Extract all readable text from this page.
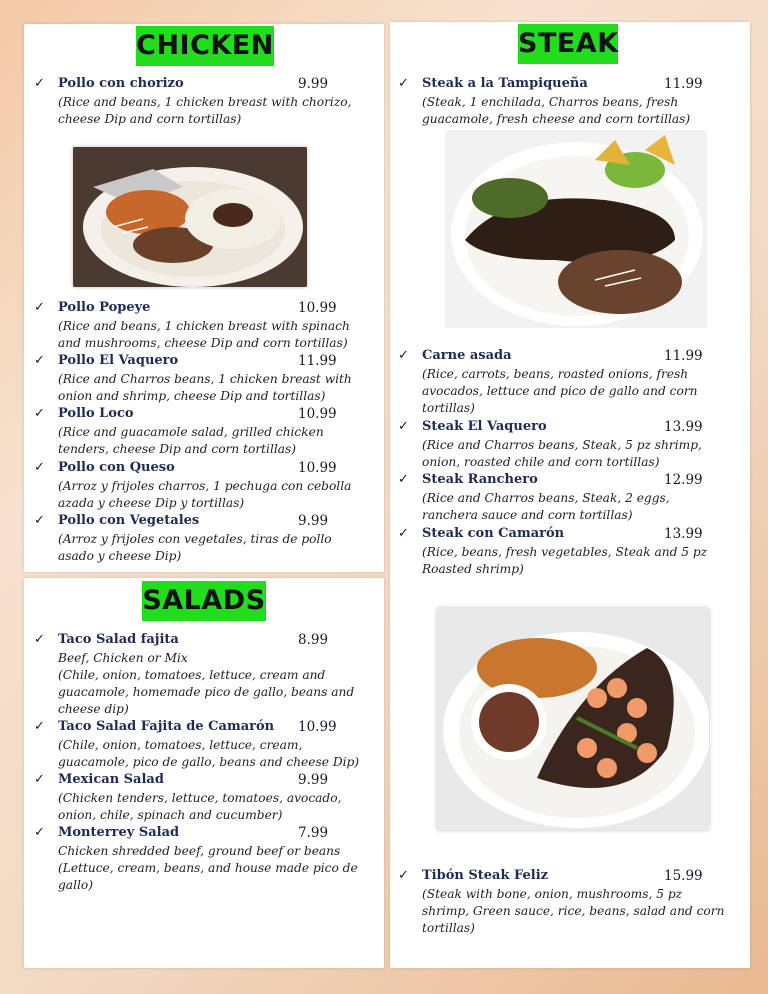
CHICKEN
✓ Pollo con chorizo	9.99
(Rice and beans, 1 chicken breast with chorizo,
cheese Dip and corn tortillas)
✓ Pollo Popeye	10.99
(Rice and beans, 1 chicken breast with spinach
and mushrooms, cheese Dip and corn tortillas)
✓ Pollo El Vaquero	11.99
(Rice and Charros beans, 1 chicken breast with
onion and shrimp, cheese Dip and tortillas)
✓ Pollo Loco	10.99
(Rice and guacamole salad, grilled chicken
tenders, cheese Dip and corn tortillas)
✓ Pollo con Queso	10.99
(Arroz y frijoles charros, 1 pechuga con cebolla
azada y cheese Dip y tortillas)
✓ Pollo con Vegetales	9.99
(Arroz y frijoles con vegetales, tiras de pollo
asado y cheese Dip)
SALADS
✓ Taco Salad fajita	8.99
Beef, Chicken or Mix
(Chile, onion, tomatoes, lettuce, cream and
guacamole, homemade pico de gallo, beans and
cheese dip)
✓ Taco Salad Fajita de Camarón 10.99
(Chile, onion, tomatoes, lettuce, cream,
guacamole, pico de gallo, beans and cheese Dip)
✓ Mexican Salad	9.99
(Chicken tenders, lettuce, tomatoes, avocado,
onion, chile, spinach and cucumber)
✓ Monterrey Salad	7.99
Chicken shredded beef, ground beef or beans
(Lettuce, cream, beans, and house made pico de
gallo)
STEAK
✓ Steak a la Tampiqueña	11.99
(Steak, 1 enchilada, Charros beans, fresh
guacamole, fresh cheese and corn tortillas)
✓ Carne asada	11.99
(Rice, carrots, beans, roasted onions, fresh
avocados, lettuce and pico de gallo and corn
tortillas)
✓ Steak El Vaquero	13.99
(Rice and Charros beans, Steak, 5 pz shrimp,
onion, roasted chile and corn tortillas)
✓ Steak Ranchero	12.99
(Rice and Charros beans, Steak, 2 eggs,
ranchera sauce and corn tortillas)
✓ Steak con Camarón	13.99
(Rice, beans, fresh vegetables, Steak and 5 pz
Roasted shrimp)
✓ Tibón Steak Feliz	15.99
(Steak with bone, onion, mushrooms, 5 pz
shrimp, Green sauce, rice, beans, salad and corn
tortillas)
